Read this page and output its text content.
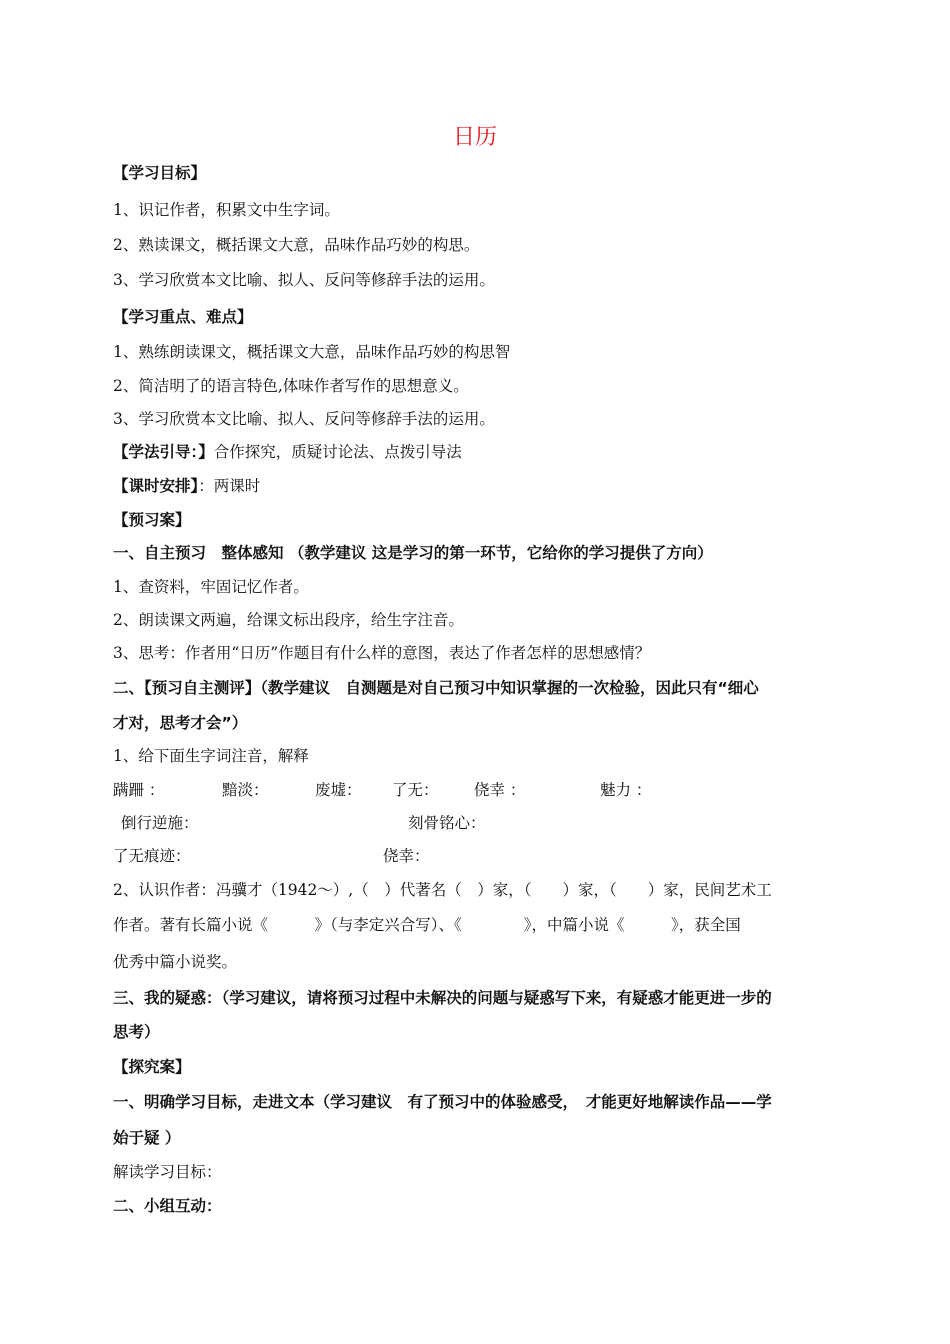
日历
【学习目标】
1、识记作者，积累文中生字词。
2、熟读课文，概括课文大意，品味作品巧妙的构思。
3、学习欣赏本文比喻、拟人、反问等修辞手法的运用。
【学习重点、难点】
1、熟练朗读课文，概括课文大意，品味作品巧妙的构思智
2、简洁明了的语言特色,体味作者写作的思想意义。
3、学习欣赏本文比喻、拟人、反问等修辞手法的运用。
【学法引导：】合作探究，质疑讨论法、点拨引导法
【课时安排】：两课时
【预习案】
一、自主预习　整体感知 （教学建议 这是学习的第一环节，它给你的学习提供了方向）
1、查资料，牢固记忆作者。
2、朗读课文两遍，给课文标出段序，给生字注音。
3、思考：作者用“日历”作题目有什么样的意图，表达了作者怎样的思想感情？
二、【预习自主测评】（教学建议　自测题是对自己预习中知识掌握的一次检验，因此只有“细心
才对，思考才会”）
1、给下面生字词注音，解释
蹒跚 ：	黯淡：	废墟： 了无： 侥幸 ：	魅力 ：
倒行逆施：	刻骨铭心：
了无痕迹：	侥幸：
2、认识作者：冯骥才（1942～）,（　）代著名（　）家，（　　）家，（　　）家，民间艺术工
作者。著有长篇小说《　　　》（与李定兴合写）、《　　　　》，中篇小说《　　　》，获全国
优秀中篇小说奖。
三、我的疑惑：（学习建议，请将预习过程中未解决的问题与疑惑写下来，有疑惑才能更进一步的
思考）
【探究案】
一、明确学习目标，走进文本（学习建议　有了预习中的体验感受，　才能更好地解读作品——学
始于疑 ）
解读学习目标：
二、小组互动：
